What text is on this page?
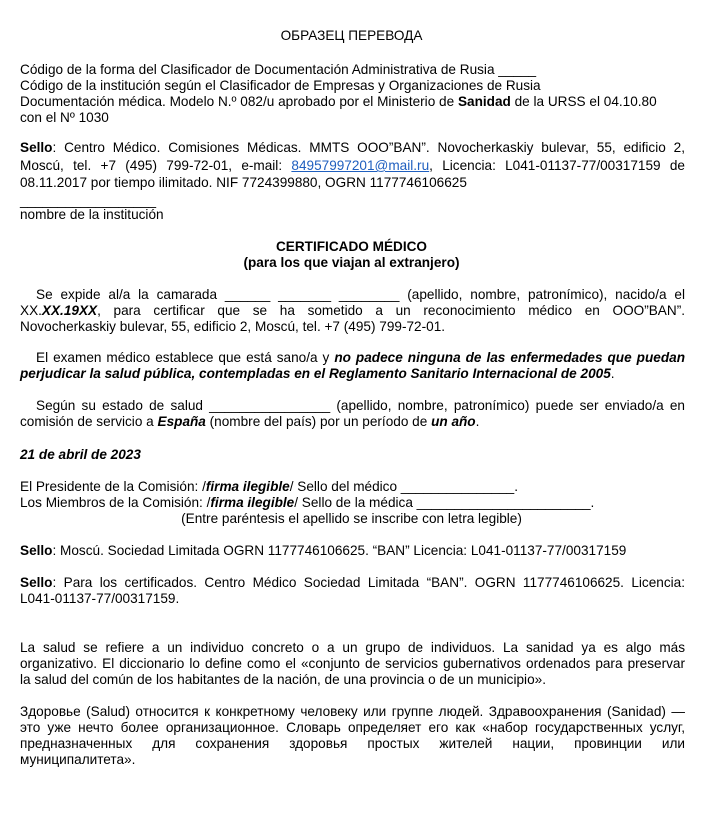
ОБРАЗЕЦ ПЕРЕВОДА
Código de la forma del Clasificador de Documentación Administrativa de Rusia _____
Código de la institución según el Clasificador de Empresas y Organizaciones de Rusia
Documentación médica. Modelo N.º 082/u aprobado por el Ministerio de Sanidad de la URSS el 04.10.80
con el Nº 1030
Sello: Centro Médico. Comisiones Médicas. MMTS OOO”BAN”. Novocherkaskiy bulevar, 55, edificio 2,
Moscú, tel. +7 (495) 799-72-01, e-mail: 84957997201@mail.ru, Licencia: L041-01137-77/00317159 de
08.11.2017 por tiempo ilimitado. NIF 7724399880, OGRN 1177746106625
__________________
nombre de la institución
CERTIFICADO MÉDICO
(para los que viajan al extranjero)
Se expide al/a la camarada ______ _______ ________ (apellido, nombre, patronímico), nacido/a el
XX.XX.19XX, para certificar que se ha sometido a un reconocimiento médico en OOO”BAN”.
Novocherkaskiy bulevar, 55, edificio 2, Moscú, tel. +7 (495) 799-72-01.
El examen médico establece que está sano/a y no padece ninguna de las enfermedades que puedan
perjudicar la salud pública, contempladas en el Reglamento Sanitario Internacional de 2005.
Según su estado de salud ________________ (apellido, nombre, patronímico) puede ser enviado/a en
comisión de servicio a España (nombre del país) por un período de un año.
21 de abril de 2023
El Presidente de la Comisión: /firma ilegible/ Sello del médico _______________.
Los Miembros de la Comisión: /firma ilegible/ Sello de la médica _______________________.
(Entre paréntesis el apellido se inscribe con letra legible)
Sello: Moscú. Sociedad Limitada OGRN 1177746106625. “BAN” Licencia: L041-01137-77/00317159
Sello: Para los certificados. Centro Médico Sociedad Limitada “BAN”. OGRN 1177746106625. Licencia:
L041-01137-77/00317159.
La salud se refiere a un individuo concreto o a un grupo de individuos. La sanidad ya es algo más
organizativo. El diccionario lo define como el «conjunto de servicios gubernativos ordenados para preservar
la salud del común de los habitantes de la nación, de una provincia o de un municipio».
Здоровье (Salud) относится к конкретному человеку или группе людей. Здравоохранения (Sanidad) —
это уже нечто более организационное. Словарь определяет его как «набор государственных услуг,
предназначенных для сохранения здоровья простых жителей нации, провинции или
муниципалитета».
